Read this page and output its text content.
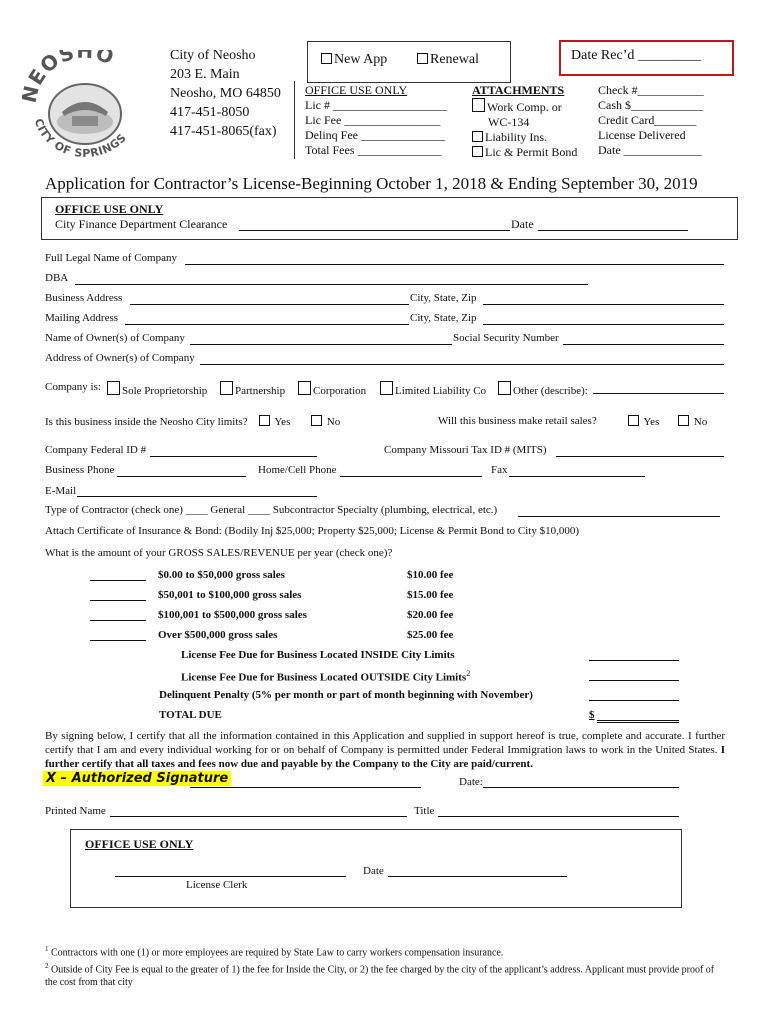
EOSHO
CITY OF SPRINGS
City of Neosho
203 E. Main
Neosho, MO 64850
417-451-8050
417-451-8065(fax)
New App	Renewal	Date Rec’d _________
OFFICE USE ONLY
Lic # ___________________
Lic Fee ________________
Delinq Fee ______________
Total Fees ______________
ATTACHMENTS
Work Comp. or
WC-134
Liability Ins.
Lic & Permit Bond
Check #___________
Cash $____________
Credit Card_______
License Delivered
Date _____________
Application for Contractor’s License-Beginning October 1, 2018 & Ending September 30, 2019
OFFICE USE ONLY
City Finance Department Clearance	Date
Full Legal Name of Company
DBA
Business Address	City, State, Zip
Mailing Address	City, State, Zip
Name of Owner(s) of Company	Social Security Number
Address of Owner(s) of Company
Company is:	Sole Proprietorship	Partnership	Corporation	Limited Liability Co	Other (describe):
Is this business inside the Neosho City limits?	Yes	No	Will this business make retail sales?	Yes	No
Company Federal ID #	Company Missouri Tax ID # (MITS)
Business Phone	Home/Cell Phone	Fax
E-Mail
Type of Contractor (check one) ____ General ____ Subcontractor Specialty (plumbing, electrical, etc.)
Attach Certificate of Insurance & Bond: (Bodily Inj $25,000; Property $25,000; License & Permit Bond to City $10,000)
What is the amount of your GROSS SALES/REVENUE per year (check one)?
$0.00 to $50,000 gross sales	$10.00 fee
$50,001 to $100,000 gross sales	$15.00 fee
$100,001 to $500,000 gross sales	$20.00 fee
Over $500,000 gross sales	$25.00 fee
License Fee Due for Business Located INSIDE City Limits
License Fee Due for Business Located OUTSIDE City Limits$^2$
Delinquent Penalty (5% per month or part of month beginning with November)
TOTAL DUE	$
By signing below, I certify that all the information contained in this Application and supplied in support hereof is true, complete and accurate. I further certify that I am and every individual working for or on behalf of Company is permitted under Federal Immigration laws to work in the United States. I further certify that all taxes and fees now due and payable by the Company to the City are paid/current.
X – Authorized Signature	Date:
Printed Name	Title
OFFICE USE ONLY
Date
License Clerk
$^1$ Contractors with one (1) or more employees are required by State Law to carry workers compensation insurance.
$^2$ Outside of City Fee is equal to the greater of 1) the fee for Inside the City, or 2) the fee charged by the city of the applicant’s address. Applicant must provide proof of the cost from that city
